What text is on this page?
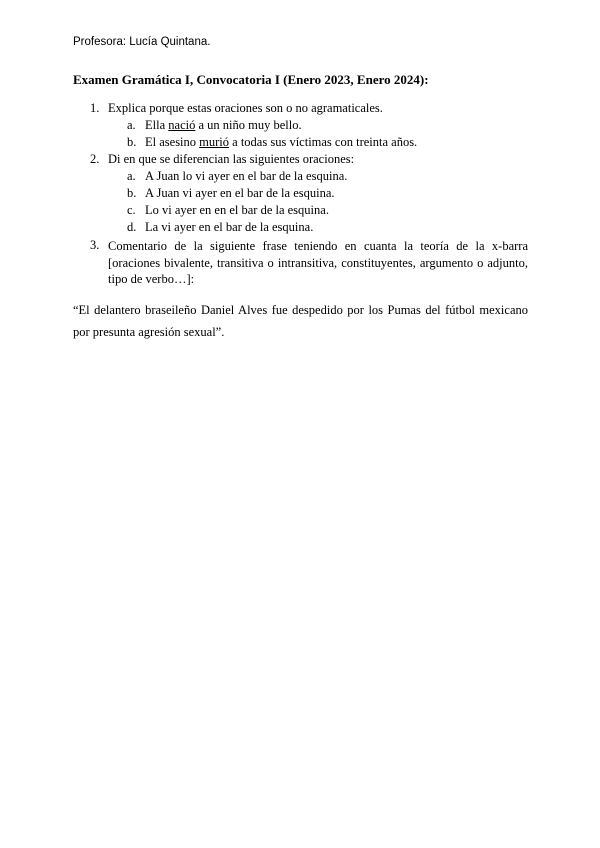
Profesora: Lucía Quintana.
Examen Gramática I, Convocatoria I (Enero 2023, Enero 2024):
1. Explica porque estas oraciones son o no agramaticales.
a. Ella nació a un niño muy bello.
b. El asesino murió a todas sus víctimas con treinta años.
2. Di en que se diferencian las siguientes oraciones:
a. A Juan lo vi ayer en el bar de la esquina.
b. A Juan vi ayer en el bar de la esquina.
c. Lo vi ayer en en el bar de la esquina.
d. La vi ayer en el bar de la esquina.
3. Comentario de la siguiente frase teniendo en cuanta la teoría de la x-barra [oraciones bivalente, transitiva o intransitiva, constituyentes, argumento o adjunto, tipo de verbo…]:
“El delantero braseileño Daniel Alves fue despedido por los Pumas del fútbol mexicano por presunta agresión sexual”.
